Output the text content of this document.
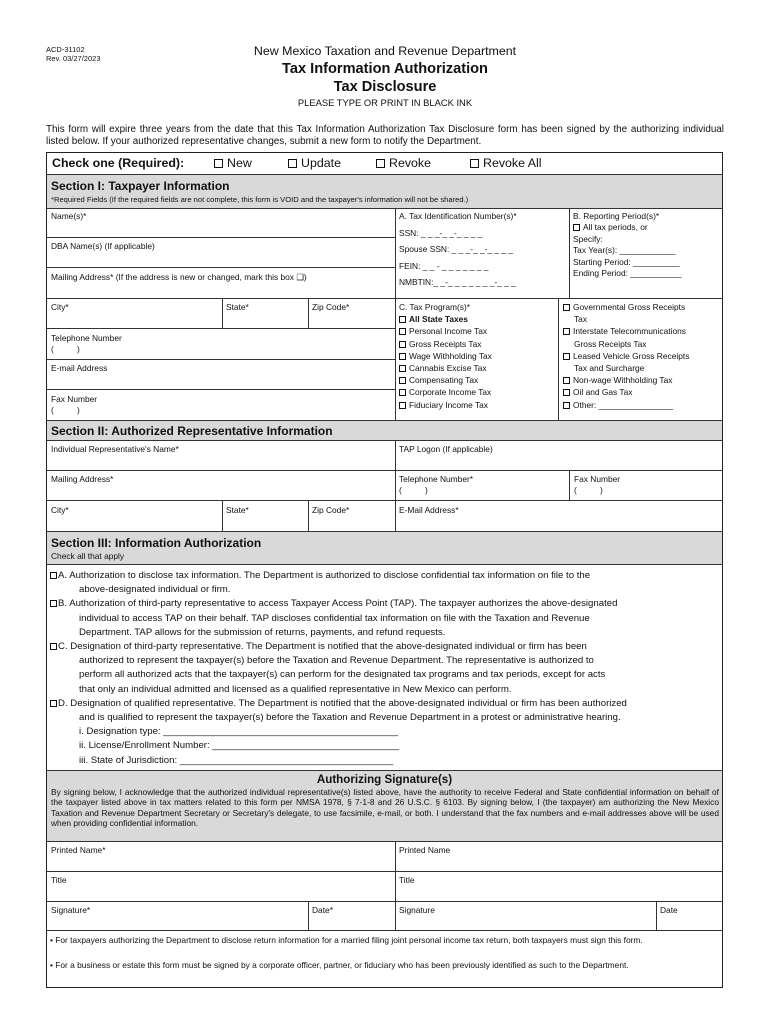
ACD-31102
Rev. 03/27/2023
New Mexico Taxation and Revenue Department
Tax Information Authorization
Tax Disclosure
PLEASE TYPE OR PRINT IN BLACK INK
This form will expire three years from the date that this Tax Information Authorization Tax Disclosure form has been signed by the authorizing individual listed below. If your authorized representative changes, submit a new form to notify the Department.
Check one (Required):	New	Update	Revoke	Revoke All
Section I: Taxpayer Information
*Required Fields (If the required fields are not complete, this form is VOID and the taxpayer's information will not be shared.)
Name(s)*
DBA Name(s) (If applicable)
Mailing Address* (If the address is new or changed, mark this box ❑)
City*	State*	Zip Code*
Telephone Number
(          )
E-mail Address
Fax Number
(          )
A. Tax Identification Number(s)*
SSN: _ _ _-_ _-_ _ _ _
Spouse SSN: _ _ _-_ _-_ _ _ _
FEIN: _ _ - _ _ _ _ _ _ _
NMBTIN:_ _-_ _ _ _ _ _ _-_ _ _
B. Reporting Period(s)*
All tax periods, or
Specify:
Tax Year(s): ____________
Starting Period: __________
Ending Period: ___________
C. Tax Program(s)*
All State Taxes
Personal Income Tax
Gross Receipts Tax
Wage Withholding Tax
Cannabis Excise Tax
Compensating Tax
Corporate Income Tax
Fiduciary Income Tax
Governmental Gross Receipts
Tax
Interstate Telecommunications
Gross Receipts Tax
Leased Vehicle Gross Receipts
Tax and Surcharge
Non-wage Withholding Tax
Oil and Gas Tax
Other: ________________
Section II: Authorized Representative Information
Individual Representative's Name*	TAP Logon (If applicable)
Mailing Address*	Telephone Number*
(          )
Fax Number
(          )
City*	State*	Zip Code*	E-Mail Address*
Section III: Information Authorization
Check all that apply

A. Authorization to disclose tax information. The Department is authorized to disclose confidential tax information on file to the

above-designated individual or firm.

B. Authorization of third-party representative to access Taxpayer Access Point (TAP). The taxpayer authorizes the above-designated

individual to access TAP on their behalf. TAP discloses confidential tax information on file with the Taxation and Revenue

Department. TAP allows for the submission of returns, payments, and refund requests.

C. Designation of third-party representative. The Department is notified that the above-designated individual or firm has been

authorized to represent the taxpayer(s) before the Taxation and Revenue Department. The representative is authorized to

perform all authorized acts that the taxpayer(s) can perform for the designated tax programs and tax periods, except for acts

that only an individual admitted and licensed as a qualified representative in New Mexico can perform.

D. Designation of qualified representative. The Department is notified that the above-designated individual or firm has been authorized

and is qualified to represent the taxpayer(s) before the Taxation and Revenue Department in a protest or administrative hearing.

i. Designation type: ____________________________________________

ii. License/Enrollment Number: ___________________________________

iii. State of Jurisdiction: ________________________________________

Authorizing Signature(s)
By signing below, I acknowledge that the authorized individual representative(s) listed above, have the authority to receive Federal and State confidential information on behalf of the taxpayer listed above in tax matters related to this form per NMSA 1978, § 7-1-8 and 26 U.S.C. § 6103. By signing below, I (the taxpayer) am authorizing the New Mexico Taxation and Revenue Department Secretary or Secretary's delegate, to use facsimile, e-mail, or both. I understand that the fax numbers and e-mail addresses above will be used when providing confidential information.
Printed Name*	Printed Name
Title	Title
Signature*	Date*	Signature	Date
• For taxpayers authorizing the Department to disclose return information for a married filing joint personal income tax return, both taxpayers must sign this form.
• For a business or estate this form must be signed by a corporate officer, partner, or fiduciary who has been previously identified as such to the Department.
